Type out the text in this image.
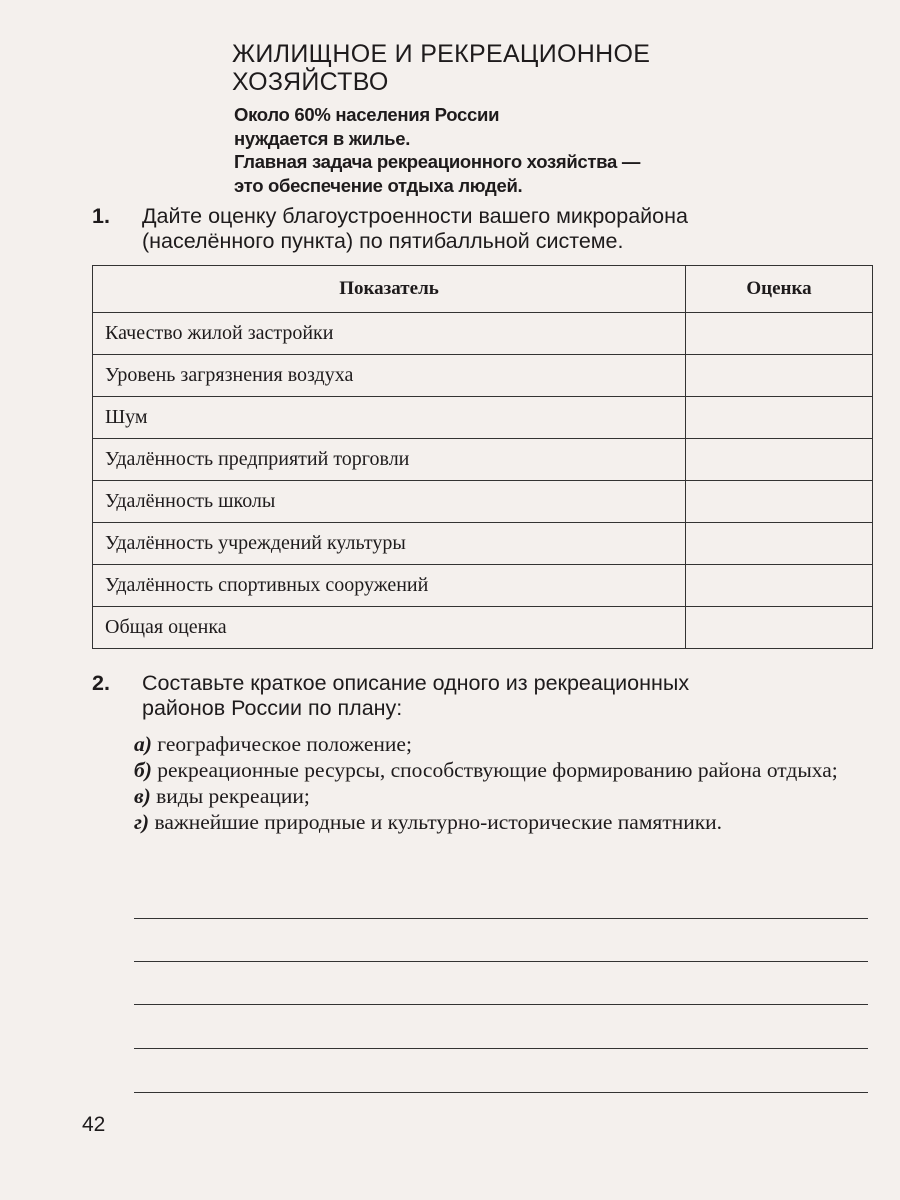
ЖИЛИЩНОЕ И РЕКРЕАЦИОННОЕ
ХОЗЯЙСТВО
Около 60% населения России
нуждается в жилье.
Главная задача рекреационного хозяйства —
это обеспечение отдыха людей.
1. Дайте оценку благоустроенности вашего микрорайона
(населённого пункта) по пятибалльной системе.
Показатель	Оценка
Качество жилой застройки	
Уровень загрязнения воздуха	
Шум	
Удалённость предприятий торговли	
Удалённость школы	
Удалённость учреждений культуры	
Удалённость спортивных сооружений	
Общая оценка	
2. Составьте краткое описание одного из рекреационных
районов России по плану:
а) географическое положение;
б) рекреационные ресурсы, способствующие формированию района отдыха;
в) виды рекреации;
г) важнейшие природные и культурно-исторические памятники.
42
